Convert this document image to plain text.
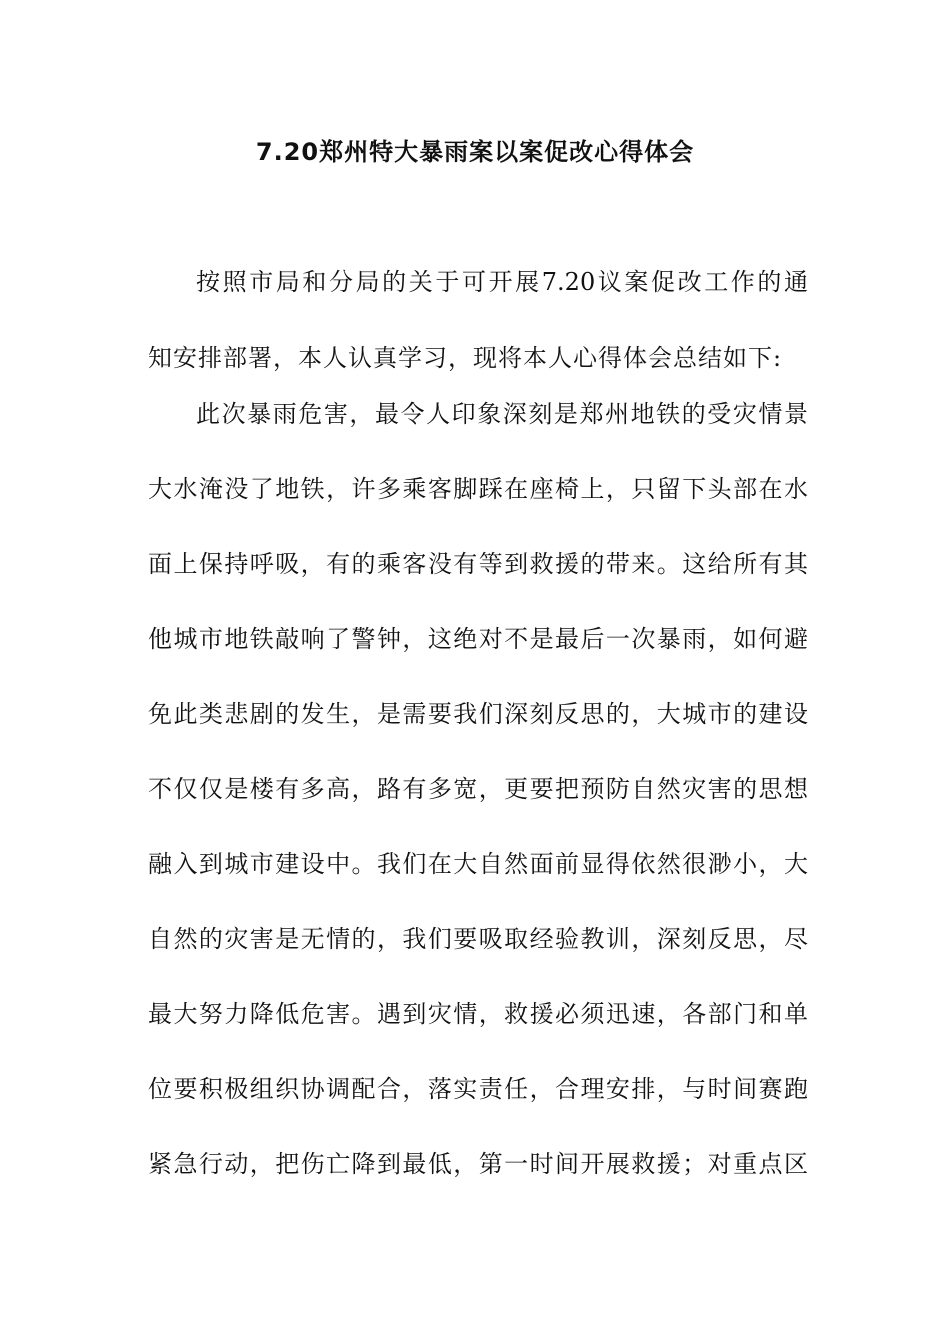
7.20郑州特大暴雨案以案促改心得体会
按照市局和分局的关于可开展7.20议案促改工作的通
知安排部署，本人认真学习，现将本人心得体会总结如下:
此次暴雨危害，最令人印象深刻是郑州地铁的受灾情景
大水淹没了地铁，许多乘客脚踩在座椅上，只留下头部在水
面上保持呼吸，有的乘客没有等到救援的带来。这给所有其
他城市地铁敲响了警钟，这绝对不是最后一次暴雨，如何避
免此类悲剧的发生，是需要我们深刻反思的，大城市的建设
不仅仅是楼有多高，路有多宽，更要把预防自然灾害的思想
融入到城市建设中。我们在大自然面前显得依然很渺小，大
自然的灾害是无情的，我们要吸取经验教训，深刻反思，尽
最大努力降低危害。遇到灾情，救援必须迅速，各部门和单
位要积极组织协调配合，落实责任，合理安排，与时间赛跑
紧急行动，把伤亡降到最低，第一时间开展救援；对重点区
